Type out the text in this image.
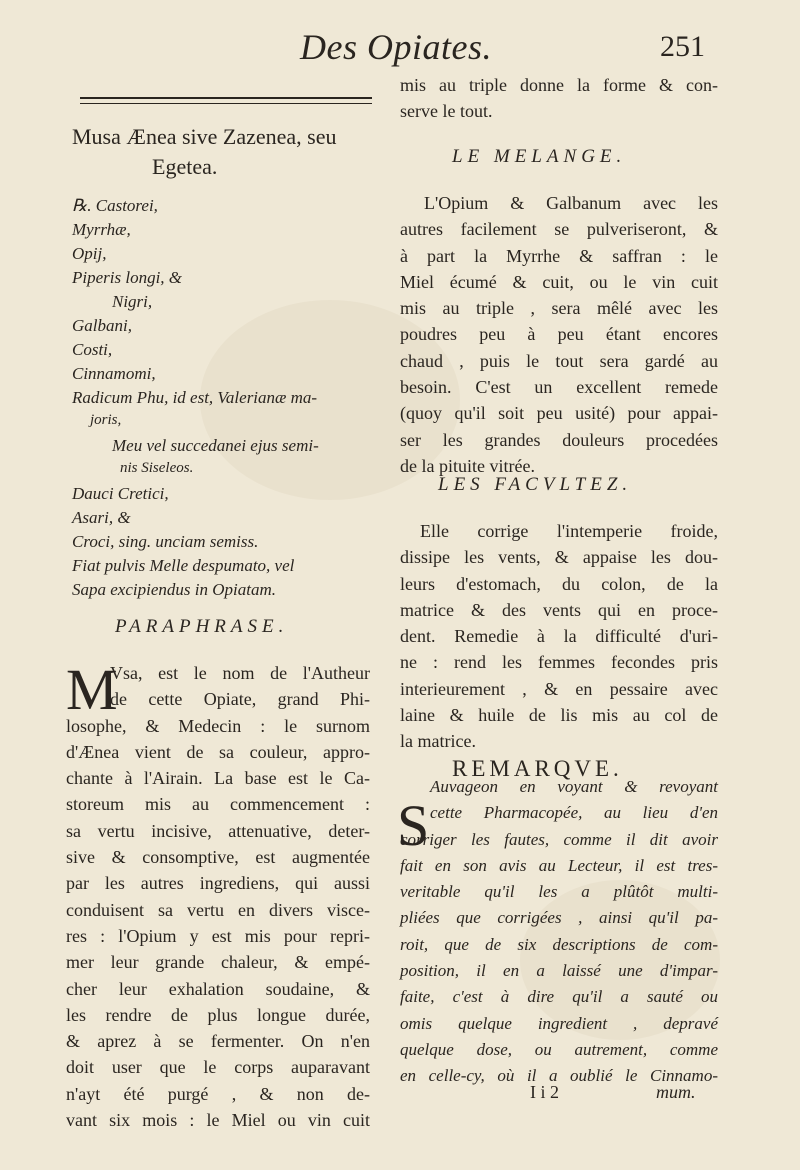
Des Opiates.	251
Musa Ænea sive Zazenea, seu
Egetea.
℞. Castorei,
Myrrhæ,
Opij,
Piperis longi, &
Nigri,
Galbani,
Costi,
Cinnamomi,
Radicum Phu, id est, Valerianæ ma-
joris,
Meu vel succedanei ejus semi-
nis Siseleos.
Dauci Cretici,
Asari, &
Croci, sing. unciam semiss.
Fiat pulvis Melle despumato, vel
Sapa excipiendus in Opiatam.
PARAPHRASE.
M
Vsa, est le nom de l'Autheur
de cette Opiate, grand Phi-
losophe, & Medecin : le surnom
d'Ænea vient de sa couleur, appro-
chante à l'Airain. La base est le Ca-
storeum mis au commencement :
sa vertu incisive, attenuative, deter-
sive & consomptive, est augmentée
par les autres ingrediens, qui aussi
conduisent sa vertu en divers visce-
res : l'Opium y est mis pour repri-
mer leur grande chaleur, & empé-
cher leur exhalation soudaine, &
les rendre de plus longue durée,
& aprez à se fermenter. On n'en
doit user que le corps auparavant
n'ayt été purgé , & non de-
vant six mois : le Miel ou vin cuit
mis au triple donne la forme & con-
serve le tout.
LE MELANGE.
L'Opium & Galbanum avec les
autres facilement se pulveriseront, &
à part la Myrrhe & saffran : le
Miel écumé & cuit, ou le vin cuit
mis au triple , sera mêlé avec les
poudres peu à peu étant encores
chaud , puis le tout sera gardé au
besoin. C'est un excellent remede
(quoy qu'il soit peu usité) pour appai-
ser les grandes douleurs procedées
de la pituite vitrée.
LES FACVLTEZ.
Elle corrige l'intemperie froide,
dissipe les vents, & appaise les dou-
leurs d'estomach, du colon, de la
matrice & des vents qui en proce-
dent. Remedie à la difficulté d'uri-
ne : rend les femmes fecondes pris
interieurement , & en pessaire avec
laine & huile de lis mis au col de
la matrice.
REMARQVE.
S
Auvageon en voyant & revoyant
cette Pharmacopée, au lieu d'en
corriger les fautes, comme il dit avoir
fait en son avis au Lecteur, il est tres-
veritable qu'il les a plûtôt multi-
pliées que corrigées , ainsi qu'il pa-
roit, que de six descriptions de com-
position, il en a laissé une d'impar-
faite, c'est à dire qu'il a sauté ou
omis quelque ingredient , depravé
quelque dose, ou autrement, comme
en celle-cy, où il a oublié le Cinnamo-
I i 2	mum.
